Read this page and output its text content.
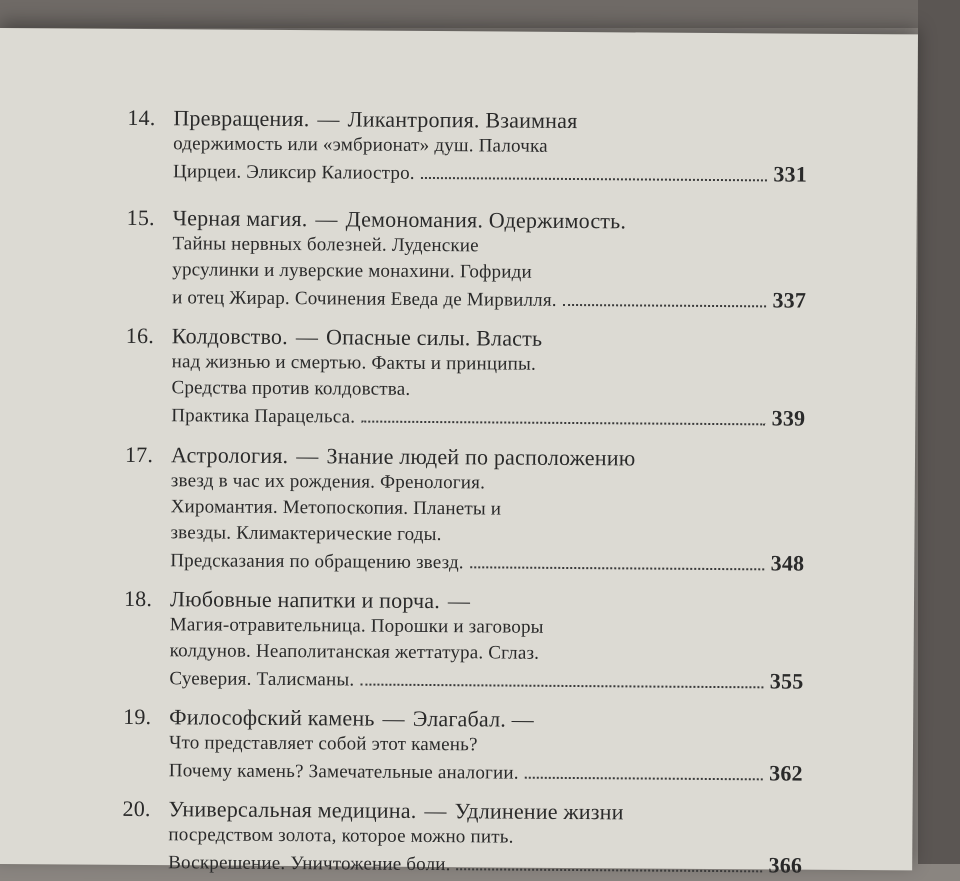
14. Превращения. — Ликантропия. Взаимная
одержимость или «эмбрионат» душ. Палочка
Цирцеи. Эликсир Калиостро.	331
15. Черная магия. — Демономания. Одержимость.
Тайны нервных болезней. Луденские
урсулинки и луверские монахини. Гофриди
и отец Жирар. Сочинения Еведа де Мирвилля.	337
16. Колдовство. — Опасные силы. Власть
над жизнью и смертью. Факты и принципы.
Средства против колдовства.
Практика Парацельса.	339
17. Астрология. — Знание людей по расположению
звезд в час их рождения. Френология.
Хиромантия. Метопоскопия. Планеты и
звезды. Климактерические годы.
Предсказания по обращению звезд.	348
18. Любовные напитки и порча. —
Магия-отравительница. Порошки и заговоры
колдунов. Неаполитанская жеттатура. Сглаз.
Суеверия. Талисманы.	355
19. Философский камень — Элагабал. —
Что представляет собой этот камень?
Почему камень? Замечательные аналогии.	362
20. Универсальная медицина. — Удлинение жизни
посредством золота, которое можно пить.
Воскрешение. Уничтожение боли.	366
